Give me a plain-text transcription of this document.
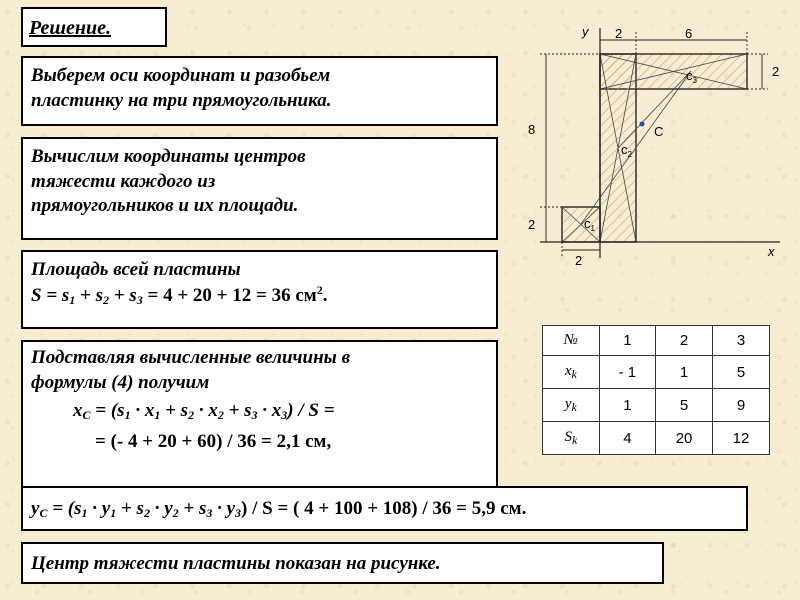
Решение.
Выберем оси координат и разобьем
пластинку на три прямоугольника.
Вычислим координаты центров
тяжести каждого из
прямоугольников и их площади.
Площадь всей пластины
$S = s_1 + s_2 + s_3 = 4 + 20 + 12 = 36$ $см^2$.
Подставляя вычисленные величины в
формулы (4) получим
$x_C = (s_1 \cdot x_1 + s_2 \cdot x_2 + s_3 \cdot x_3) / S$ =
= (- 4 + 20 + 60) / 36 = 2,1 см,
$y_C = (s_1 \cdot y_1 + s_2 \cdot y_2 + s_3 \cdot y_3) / S$ = ( 4 + 100 + 108) / 36 = 5,9 см.
Центр тяжести пластины показан на рисунке.
№	1	2	3
$x_k$	- 1	1	5
$y_k$	1	5	9
$S_k$	4	20	12
y
x
2	6
2
8
2
2
$c_1$
$c_2$
$c_3$
C
